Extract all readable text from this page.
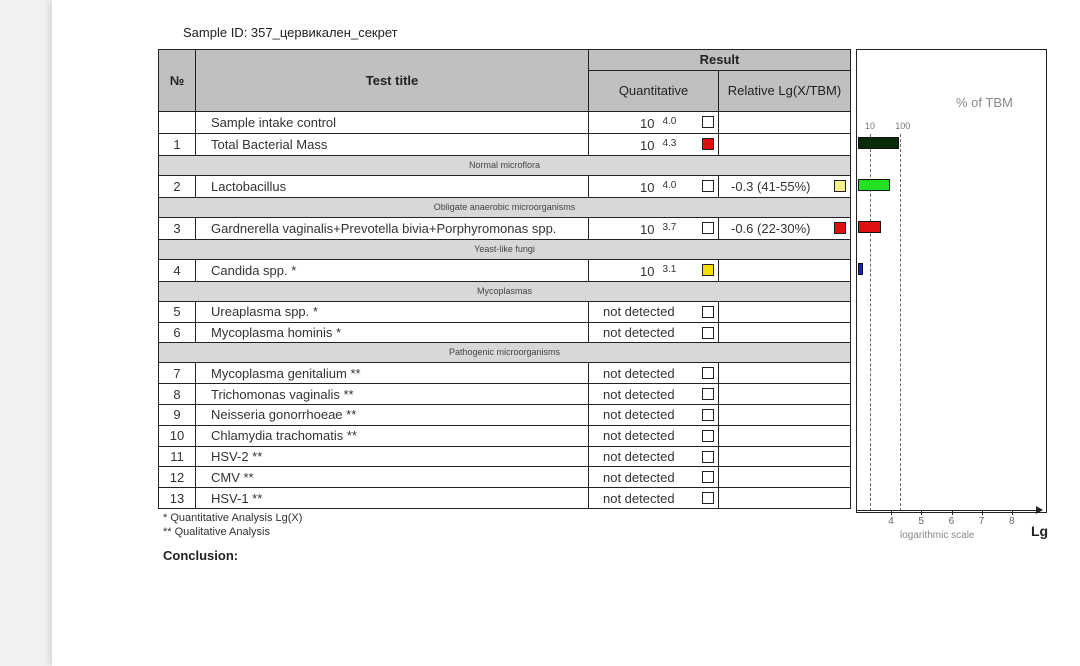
Sample ID: 357_цервикален_секрет
№	Test title	Result	
		Quantitative	Relative Lg(X/TBM)
	Sample intake control	10 $^{4.0}$

1	Total Bacterial Mass	10 $^{4.3}$

Normal microflora			
2	Lactobacillus	10 $^{4.0}$	-0.3 (41-55%)

Obligate anaerobic microorganisms			
3	Gardnerella vaginalis+Prevotella bivia+Porphyromonas spp.	10 $^{3.7}$	-0.6 (22-30%)

Yeast-like fungi			
4	Candida spp. *	10 $^{3.1}$

Mycoplasmas			
5	Ureaplasma spp. *	not detected

6	Mycoplasma hominis *	not detected

Pathogenic microorganisms			
7	Mycoplasma genitalium **	not detected

8	Trichomonas vaginalis **	not detected

9	Neisseria gonorrhoeae **	not detected

10	Chlamydia trachomatis **	not detected

11	HSV-2 **	not detected

12	CMV **	not detected

13	HSV-1 **	not detected

* Quantitative Analysis Lg(X)
** Qualitative Analysis
Conclusion:
% of TBM
10 100
4 5 6 7 8
logarithmic scale	Lg
